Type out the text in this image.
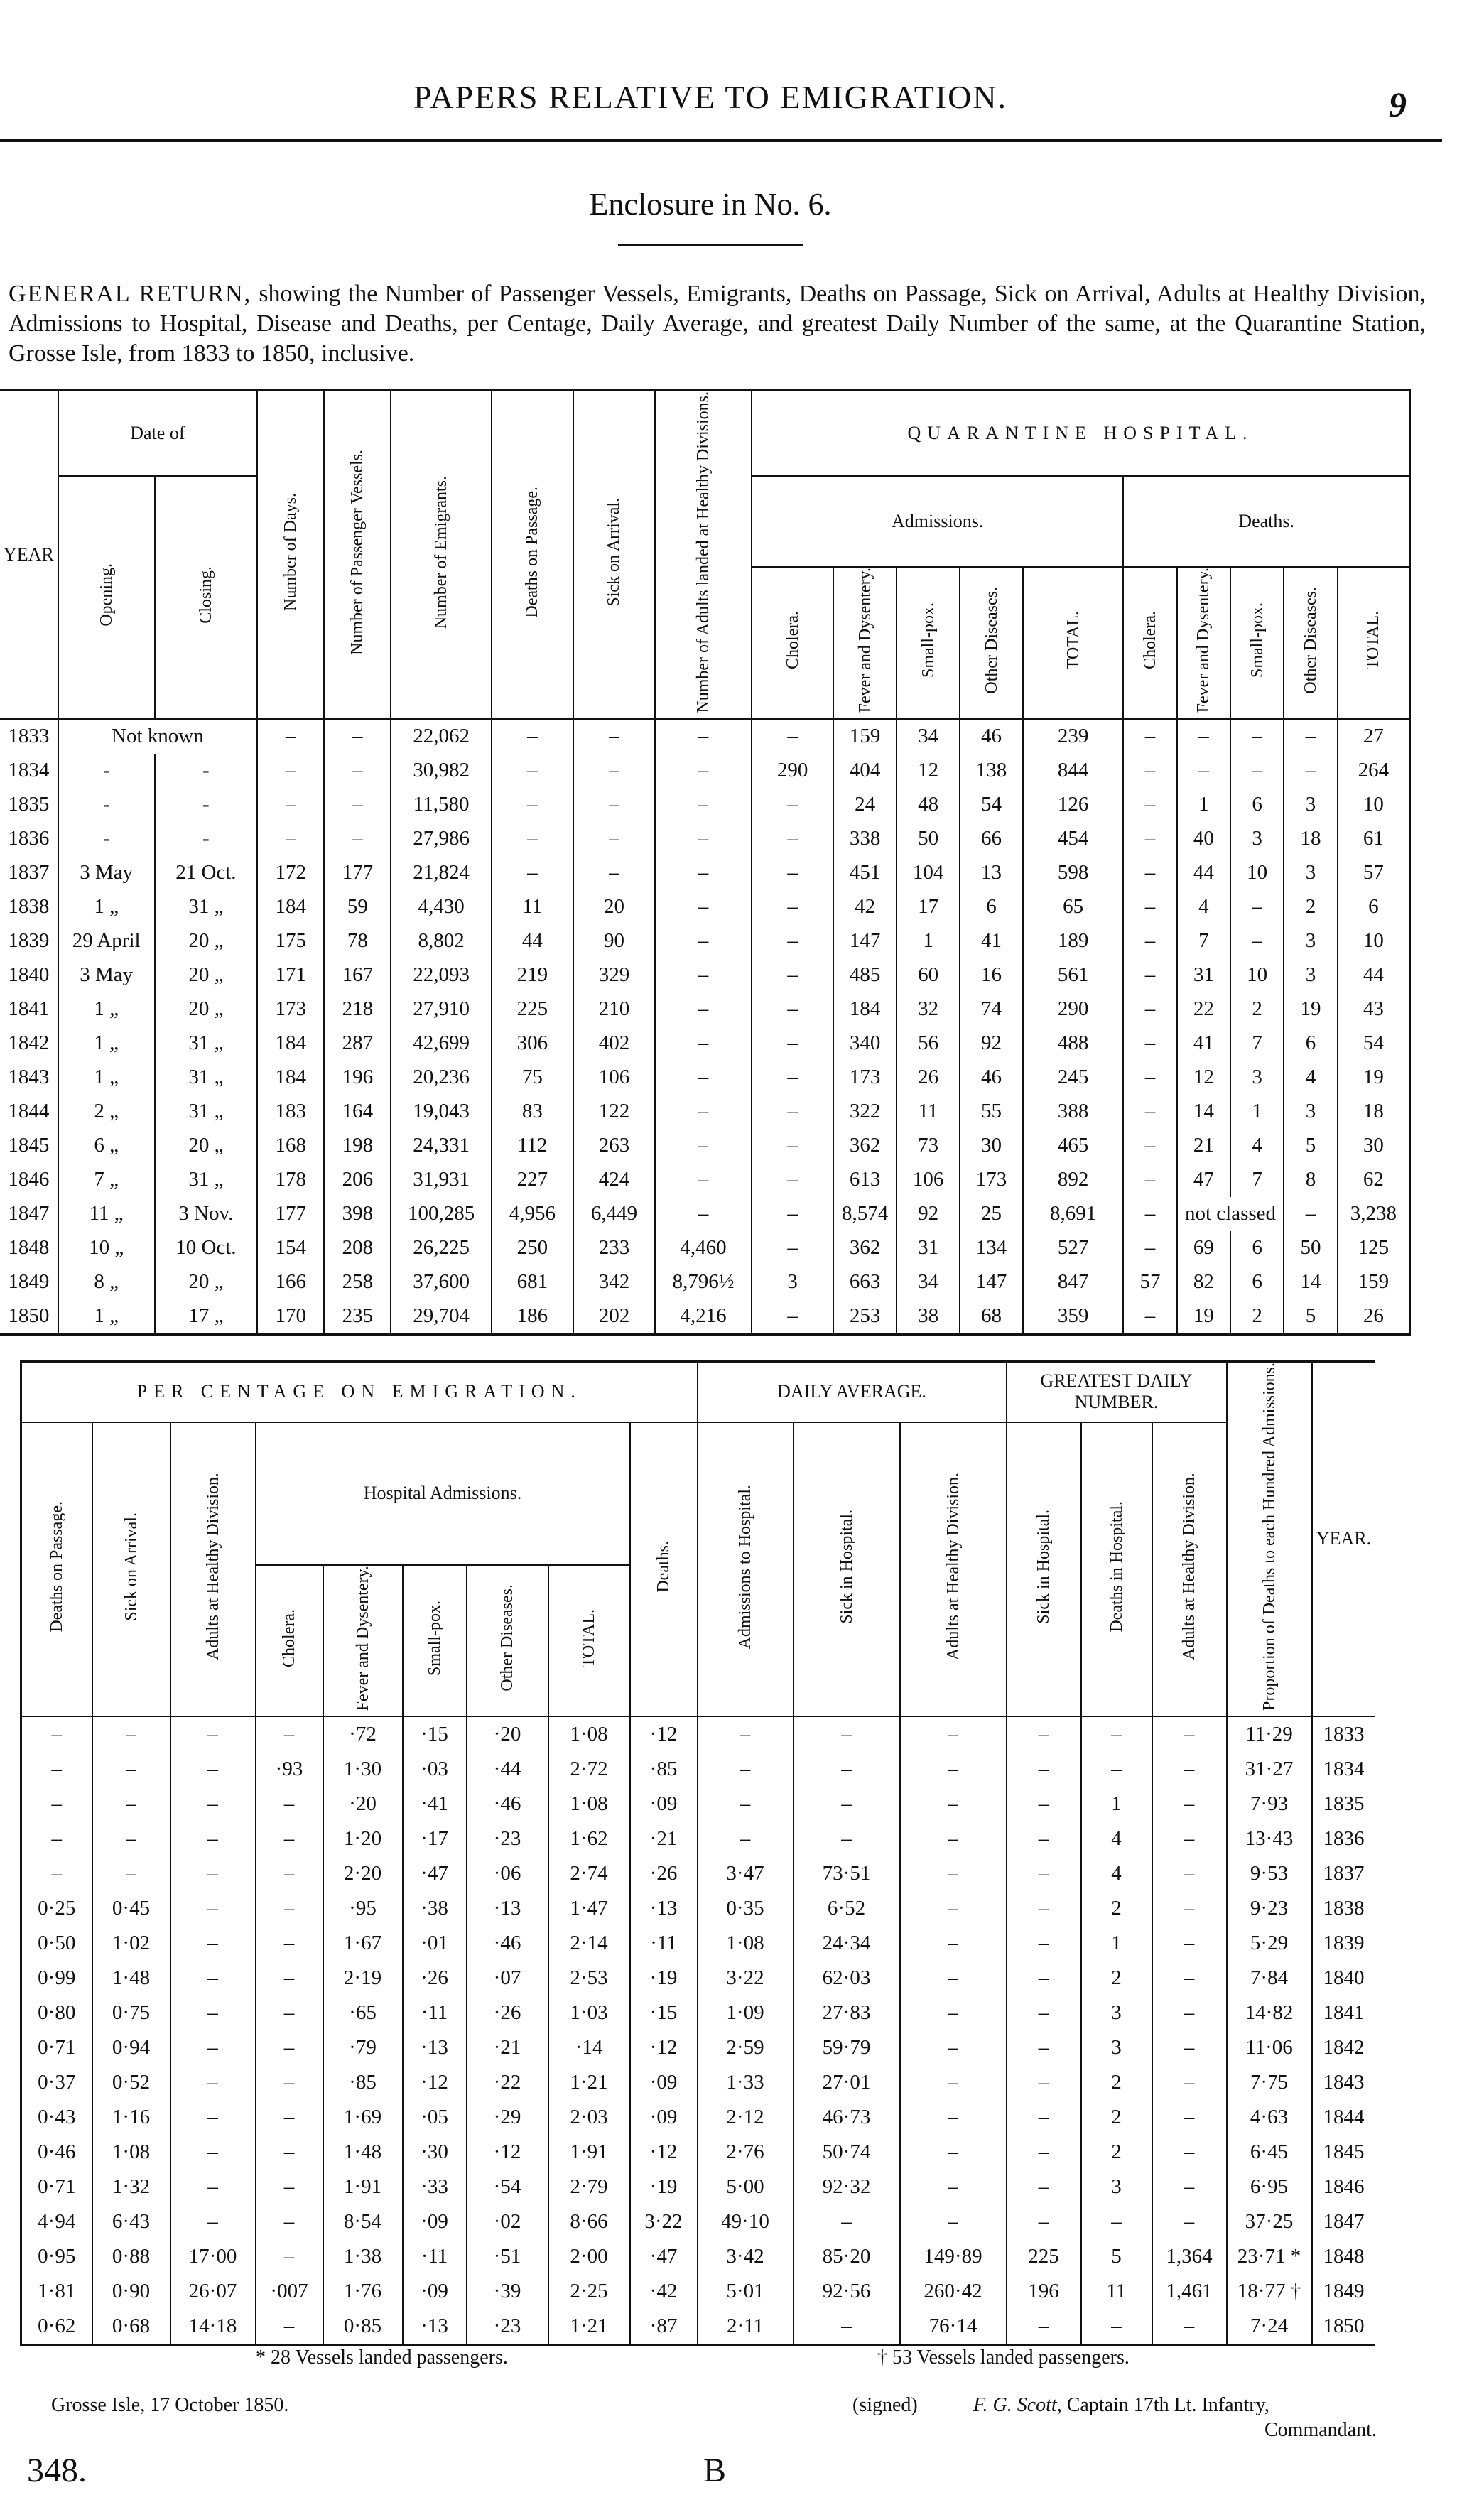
PAPERS RELATIVE TO EMIGRATION.	9
Enclosure in No. 6.
GENERAL RETURN, showing the Number of Passenger Vessels, Emigrants, Deaths on Passage, Sick on Arrival, Adults at Healthy Division, Admissions to Hospital, Disease and Deaths, per Centage, Daily Average, and greatest Daily Number of the same, at the Quarantine Station, Grosse Isle, from 1833 to 1850, inclusive.
YEAR	Date of		Number of Days.	Number of Passenger Vessels.	Number of Emigrants.	Deaths on Passage.	Sick on Arrival.	Number of Adults landed at Healthy Divisions.	QUARANTINE HOSPITAL.									
	Opening.	Closing.							Admissions.					Deaths.				
									Cholera.	Fever and Dysentery.	Small-pox.	Other Diseases.	TOTAL.	Cholera.	Fever and Dysentery.	Small-pox.	Other Diseases.	TOTAL.
1833	Not known		–	–	22,062	–	–	–	–	159	34	46	239	–	–	–	–	27
1834	-	-	–	–	30,982	–	–	–	290	404	12	138	844	–	–	–	–	264
1835	-	-	–	–	11,580	–	–	–	–	24	48	54	126	–	1	6	3	10
1836	-	-	–	–	27,986	–	–	–	–	338	50	66	454	–	40	3	18	61
1837	3 May	21 Oct.	172	177	21,824	–	–	–	–	451	104	13	598	–	44	10	3	57
1838	1 „	31 „	184	59	4,430	11	20	–	–	42	17	6	65	–	4	–	2	6
1839	29 April	20 „	175	78	8,802	44	90	–	–	147	1	41	189	–	7	–	3	10
1840	3 May	20 „	171	167	22,093	219	329	–	–	485	60	16	561	–	31	10	3	44
1841	1 „	20 „	173	218	27,910	225	210	–	–	184	32	74	290	–	22	2	19	43
1842	1 „	31 „	184	287	42,699	306	402	–	–	340	56	92	488	–	41	7	6	54
1843	1 „	31 „	184	196	20,236	75	106	–	–	173	26	46	245	–	12	3	4	19
1844	2 „	31 „	183	164	19,043	83	122	–	–	322	11	55	388	–	14	1	3	18
1845	6 „	20 „	168	198	24,331	112	263	–	–	362	73	30	465	–	21	4	5	30
1846	7 „	31 „	178	206	31,931	227	424	–	–	613	106	173	892	–	47	7	8	62
1847	11 „	3 Nov.	177	398	100,285	4,956	6,449	–	–	8,574	92	25	8,691	–	not classed		–	3,238
1848	10 „	10 Oct.	154	208	26,225	250	233	4,460	–	362	31	134	527	–	69	6	50	125
1849	8 „	20 „	166	258	37,600	681	342	8,796½	3	663	34	147	847	57	82	6	14	159
1850	1 „	17 „	170	235	29,704	186	202	4,216	–	253	38	68	359	–	19	2	5	26
PER CENTAGE ON EMIGRATION.									DAILY AVERAGE.			GREATEST DAILY NUMBER.			Proportion of Deaths to each Hundred Admissions.	YEAR.
Deaths on Passage.	Sick on Arrival.	Adults at Healthy Division.	Hospital Admissions.					Deaths.	Admissions to Hospital.	Sick in Hospital.	Adults at Healthy Division.	Sick in Hospital.	Deaths in Hospital.	Adults at Healthy Division.		
			Cholera.	Fever and Dysentery.	Small-pox.	Other Diseases.	TOTAL.									
–	–	–	–	·72	·15	·20	1·08	·12	–	–	–	–	–	–	11·29	1833
–	–	–	·93	1·30	·03	·44	2·72	·85	–	–	–	–	–	–	31·27	1834
–	–	–	–	·20	·41	·46	1·08	·09	–	–	–	–	1	–	7·93	1835
–	–	–	–	1·20	·17	·23	1·62	·21	–	–	–	–	4	–	13·43	1836
–	–	–	–	2·20	·47	·06	2·74	·26	3·47	73·51	–	–	4	–	9·53	1837
0·25	0·45	–	–	·95	·38	·13	1·47	·13	0·35	6·52	–	–	2	–	9·23	1838
0·50	1·02	–	–	1·67	·01	·46	2·14	·11	1·08	24·34	–	–	1	–	5·29	1839
0·99	1·48	–	–	2·19	·26	·07	2·53	·19	3·22	62·03	–	–	2	–	7·84	1840
0·80	0·75	–	–	·65	·11	·26	1·03	·15	1·09	27·83	–	–	3	–	14·82	1841
0·71	0·94	–	–	·79	·13	·21	·14	·12	2·59	59·79	–	–	3	–	11·06	1842
0·37	0·52	–	–	·85	·12	·22	1·21	·09	1·33	27·01	–	–	2	–	7·75	1843
0·43	1·16	–	–	1·69	·05	·29	2·03	·09	2·12	46·73	–	–	2	–	4·63	1844
0·46	1·08	–	–	1·48	·30	·12	1·91	·12	2·76	50·74	–	–	2	–	6·45	1845
0·71	1·32	–	–	1·91	·33	·54	2·79	·19	5·00	92·32	–	–	3	–	6·95	1846
4·94	6·43	–	–	8·54	·09	·02	8·66	3·22	49·10	–	–	–	–	–	37·25	1847
0·95	0·88	17·00	–	1·38	·11	·51	2·00	·47	3·42	85·20	149·89	225	5	1,364	23·71 *	1848
1·81	0·90	26·07	·007	1·76	·09	·39	2·25	·42	5·01	92·56	260·42	196	11	1,461	18·77 †	1849
0·62	0·68	14·18	–	0·85	·13	·23	1·21	·87	2·11	–	76·14	–	–	–	7·24	1850
* 28 Vessels landed passengers.	† 53 Vessels landed passengers.
Grosse Isle, 17 October 1850.	(signed)	F. G. Scott, Captain 17th Lt. Infantry,
Commandant.
348.	B
